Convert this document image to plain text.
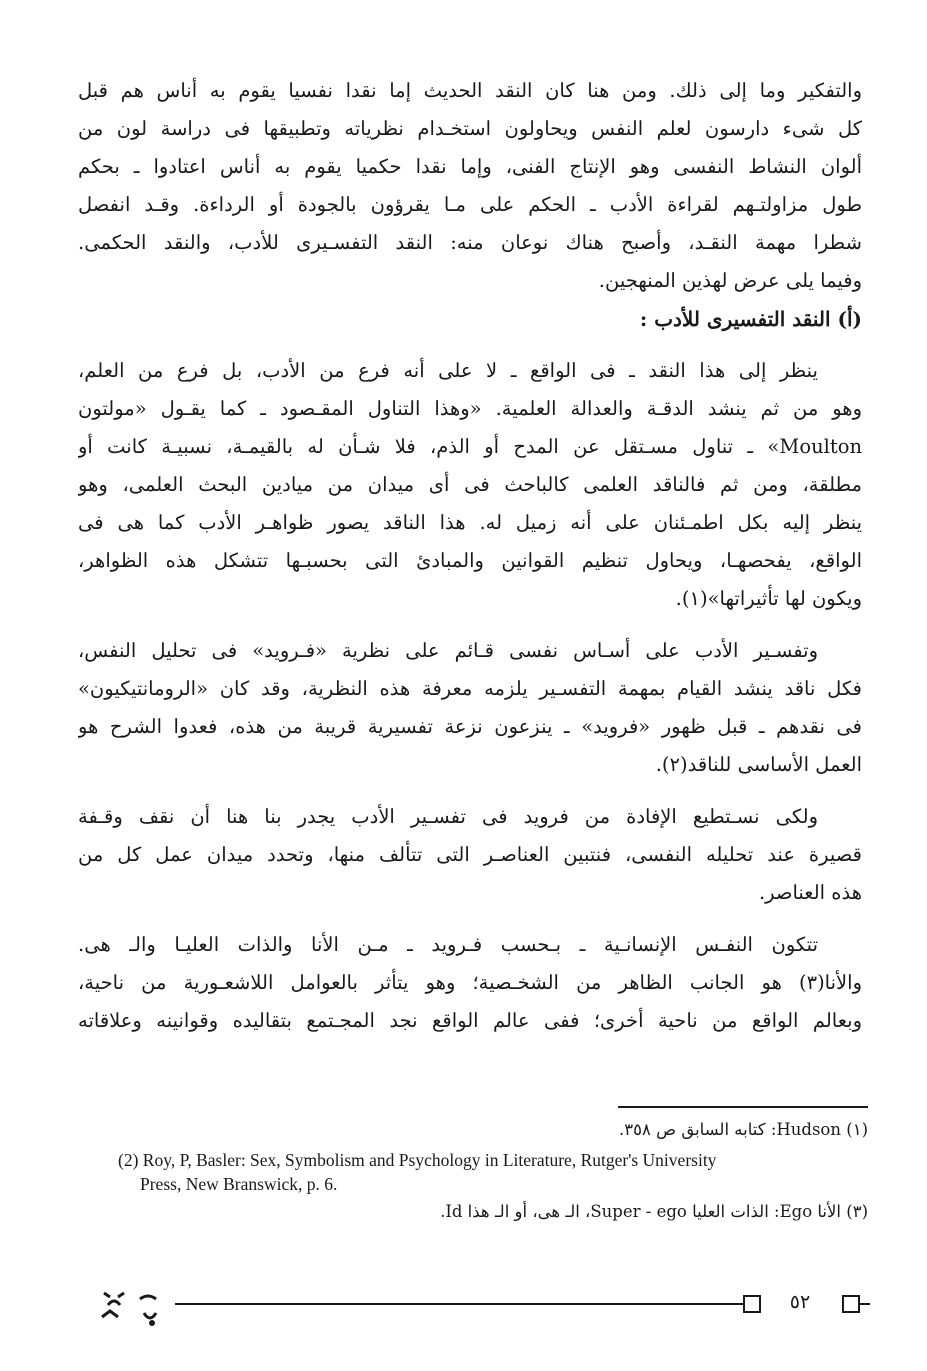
والتفكير وما إلى ذلك. ومن هنا كان النقد الحديث إما نقدا نفسيا يقوم به أناس هم قبل
كل شىء دارسون لعلم النفس ويحاولون استخـدام نظرياته وتطبيقها فى دراسة لون من
ألوان النشاط النفسى وهو الإنتاج الفنى، وإما نقدا حكميا يقوم به أناس اعتادوا ـ بحكم
طول مزاولتـهم لقراءة الأدب ـ الحكم على مـا يقرؤون بالجودة أو الرداءة. وقـد انفصل
شطرا مهمة النقـد، وأصبح هناك نوعان منه: النقد التفسـيرى للأدب، والنقد الحكمى.
وفيما يلى عرض لهذين المنهجين.
(أ) النقد التفسيرى للأدب :
ينظر إلى هذا النقد ـ فى الواقع ـ لا على أنه فرع من الأدب، بل فرع من العلم،
وهو من ثم ينشد الدقـة والعدالة العلمية. «وهذا التناول المقـصود ـ كما يقـول «مولتون
Moulton» ـ تناول مسـتقل عن المدح أو الذم، فلا شـأن له بالقيمـة، نسبيـة كانت أو
مطلقة، ومن ثم فالناقد العلمى كالباحث فى أى ميدان من ميادين البحث العلمى، وهو
ينظر إليه بكل اطمـئنان على أنه زميل له. هذا الناقد يصور ظواهـر الأدب كما هى فى
الواقع، يفحصهـا، ويحاول تنظيم القوانين والمبادئ التى بحسبـها تتشكل هذه الظواهر،
ويكون لها تأثيراتها»(١).
وتفسـير الأدب على أسـاس نفسى قـائم على نظرية «فـرويد» فى تحليل النفس،
فكل ناقد ينشد القيام بمهمة التفسـير يلزمه معرفة هذه النظرية، وقد كان «الرومانتيكيون»
فى نقدهم ـ قبل ظهور «فرويد» ـ ينزعون نزعة تفسيرية قريبة من هذه، فعدوا الشرح هو
العمل الأساسى للناقد(٢).
ولكى نسـتطيع الإفادة من فرويد فى تفسـير الأدب يجدر بنا هنا أن نقف وقـفة
قصيرة عند تحليله النفسى، فنتبين العناصـر التى تتألف منها، وتحدد ميدان عمل كل من
هذه العناصر.
تتكون النفـس الإنسانـية ـ بـحسب فـرويد ـ مـن الأنا والذات العليـا والـ هى.
والأنا(٣) هو الجانب الظاهر من الشخـصية؛ وهو يتأثر بالعوامل اللاشعـورية من ناحية،
وبعالم الواقع من ناحية أخرى؛ ففى عالم الواقع نجد المجـتمع بتقاليده وقوانينه وعلاقاته
(١) Hudson: كتابه السابق ص ٣٥٨.
(2) Roy, P, Basler: Sex, Symbolism and Psychology in Literature, Rutger's University
Press, New Branswick, p. 6.
(٣) الأنا Ego: الذات العليا Super - ego، الـ هى، أو الـ هذا Id.
٥٢
